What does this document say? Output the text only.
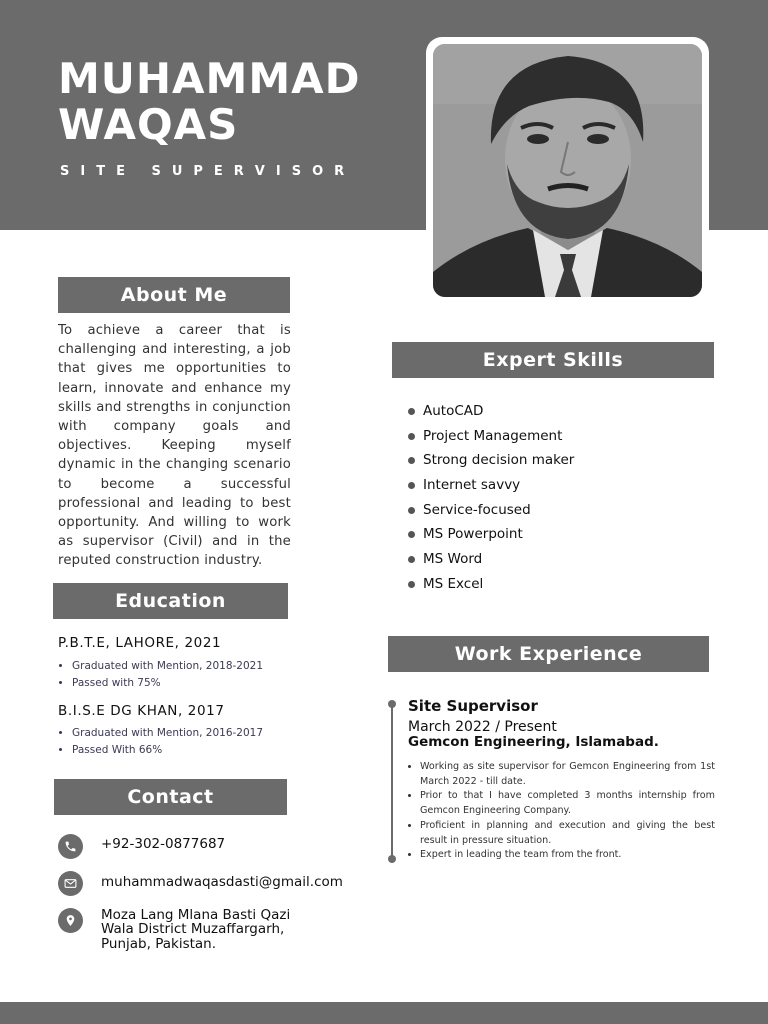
MUHAMMAD
WAQAS
SITE SUPERVISOR
About Me

To achieve a career that is challenging and interesting, a job that gives me opportunities to learn, innovate and enhance my skills and strengths in conjunction with company goals and objectives. Keeping myself dynamic in the changing scenario to become a successful professional and leading to best opportunity. And willing to work as supervisor (Civil) and in the reputed construction industry.

Education
P.B.T.E, LAHORE, 2021
• Graduated with Mention, 2018-2021
• Passed with 75%
B.I.S.E DG KHAN, 2017
• Graduated with Mention, 2016-2017
• Passed With 66%
Contact
+92-302-0877687
muhammadwaqasdasti@gmail.com
Moza Lang Mlana Basti Qazi
Wala District Muzaffargarh,
Punjab, Pakistan.
Expert Skills
AutoCAD
Project Management
Strong decision maker
Internet savvy
Service-focused
MS Powerpoint
MS Word
MS Excel
Work Experience
Site Supervisor
March 2022 / Present
Gemcon Engineering, Islamabad.
• Working as site supervisor for Gemcon Engineering from 1st March 2022 - till date.
• Prior to that I have completed 3 months internship from Gemcon Engineering Company.
• Proficient in planning and execution and giving the best result in pressure situation.
• Expert in leading the team from the front.
